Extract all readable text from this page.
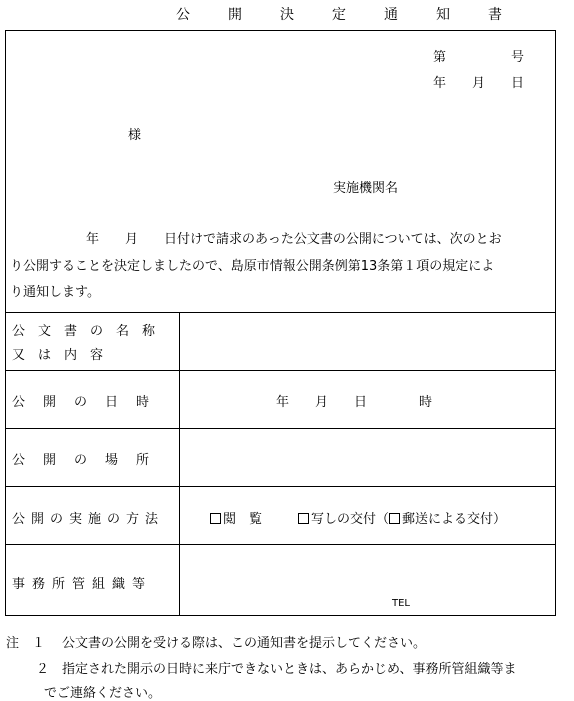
公　開　決　定　通　知　書
第　　　　　号
年　　月　　日
様
実施機関名
年　　月　　日付けで請求のあった公文書の公開については、次のとお
り公開することを決定しましたので、島原市情報公開条例第13条第１項の規定によ
り通知します。
公文書の名称
又　は　内　容
公開の日時	年　　月　　日　　　　時
公開の場所
公開の実施の方法	閲　覧	写しの交付（ 郵送による交付）
事務所管組織等
TEL
注　１ 公文書の公開を受ける際は、この通知書を提示してください。
２ 指定された開示の日時に来庁できないときは、あらかじめ、事務所管組織等ま
でご連絡ください。
